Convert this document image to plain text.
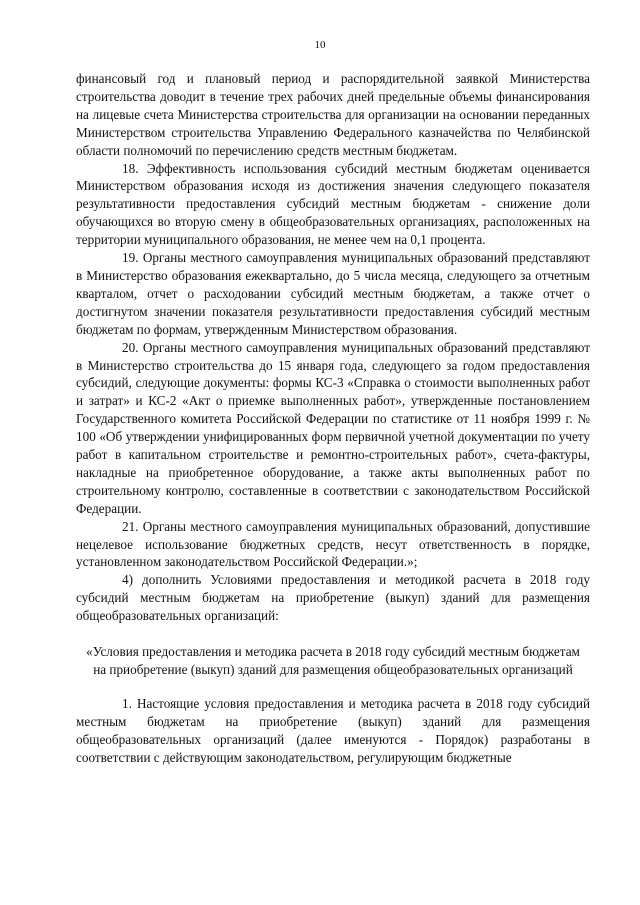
10

финансовый год и плановый период и распорядительной заявкой Министерства строительства доводит в течение трех рабочих дней предельные объемы финансирования на лицевые счета Министерства строительства для организации на основании переданных Министерством строительства Управлению Федерального казначейства по Челябинской области полномочий по перечислению средств местным бюджетам.

18. Эффективность использования субсидий местным бюджетам оценивается Министерством образования исходя из достижения значения следующего показателя результативности предоставления субсидий местным бюджетам - снижение доли обучающихся во вторую смену в общеобразовательных организациях, расположенных на территории муниципального образования, не менее чем на 0,1 процента.

19. Органы местного самоуправления муниципальных образований представляют в Министерство образования ежеквартально, до 5 числа месяца, следующего за отчетным кварталом, отчет о расходовании субсидий местным бюджетам, а также отчет о достигнутом значении показателя результативности предоставления субсидий местным бюджетам по формам, утвержденным Министерством образования.

20. Органы местного самоуправления муниципальных образований представляют в Министерство строительства до 15 января года, следующего за годом предоставления субсидий, следующие документы: формы КС-3 «Справка о стоимости выполненных работ и затрат» и КС-2 «Акт о приемке выполненных работ», утвержденные постановлением Государственного комитета Российской Федерации по статистике от 11 ноября 1999 г. № 100 «Об утверждении унифицированных форм первичной учетной документации по учету работ в капитальном строительстве и ремонтно-строительных работ», счета-фактуры, накладные на приобретенное оборудование, а также акты выполненных работ по строительному контролю, составленные в соответствии с законодательством Российской Федерации.

21. Органы местного самоуправления муниципальных образований, допустившие нецелевое использование бюджетных средств, несут ответственность в порядке, установленном законодательством Российской Федерации.»;

4) дополнить Условиями предоставления и методикой расчета в 2018 году субсидий местным бюджетам на приобретение (выкуп) зданий для размещения общеобразовательных организаций:

«Условия предоставления и методика расчета в 2018 году субсидий местным бюджетам на приобретение (выкуп) зданий для размещения общеобразовательных организаций

1. Настоящие условия предоставления и методика расчета в 2018 году субсидий местным бюджетам на приобретение (выкуп) зданий для размещения общеобразовательных организаций (далее именуются - Порядок) разработаны в соответствии с действующим законодательством, регулирующим бюджетные
